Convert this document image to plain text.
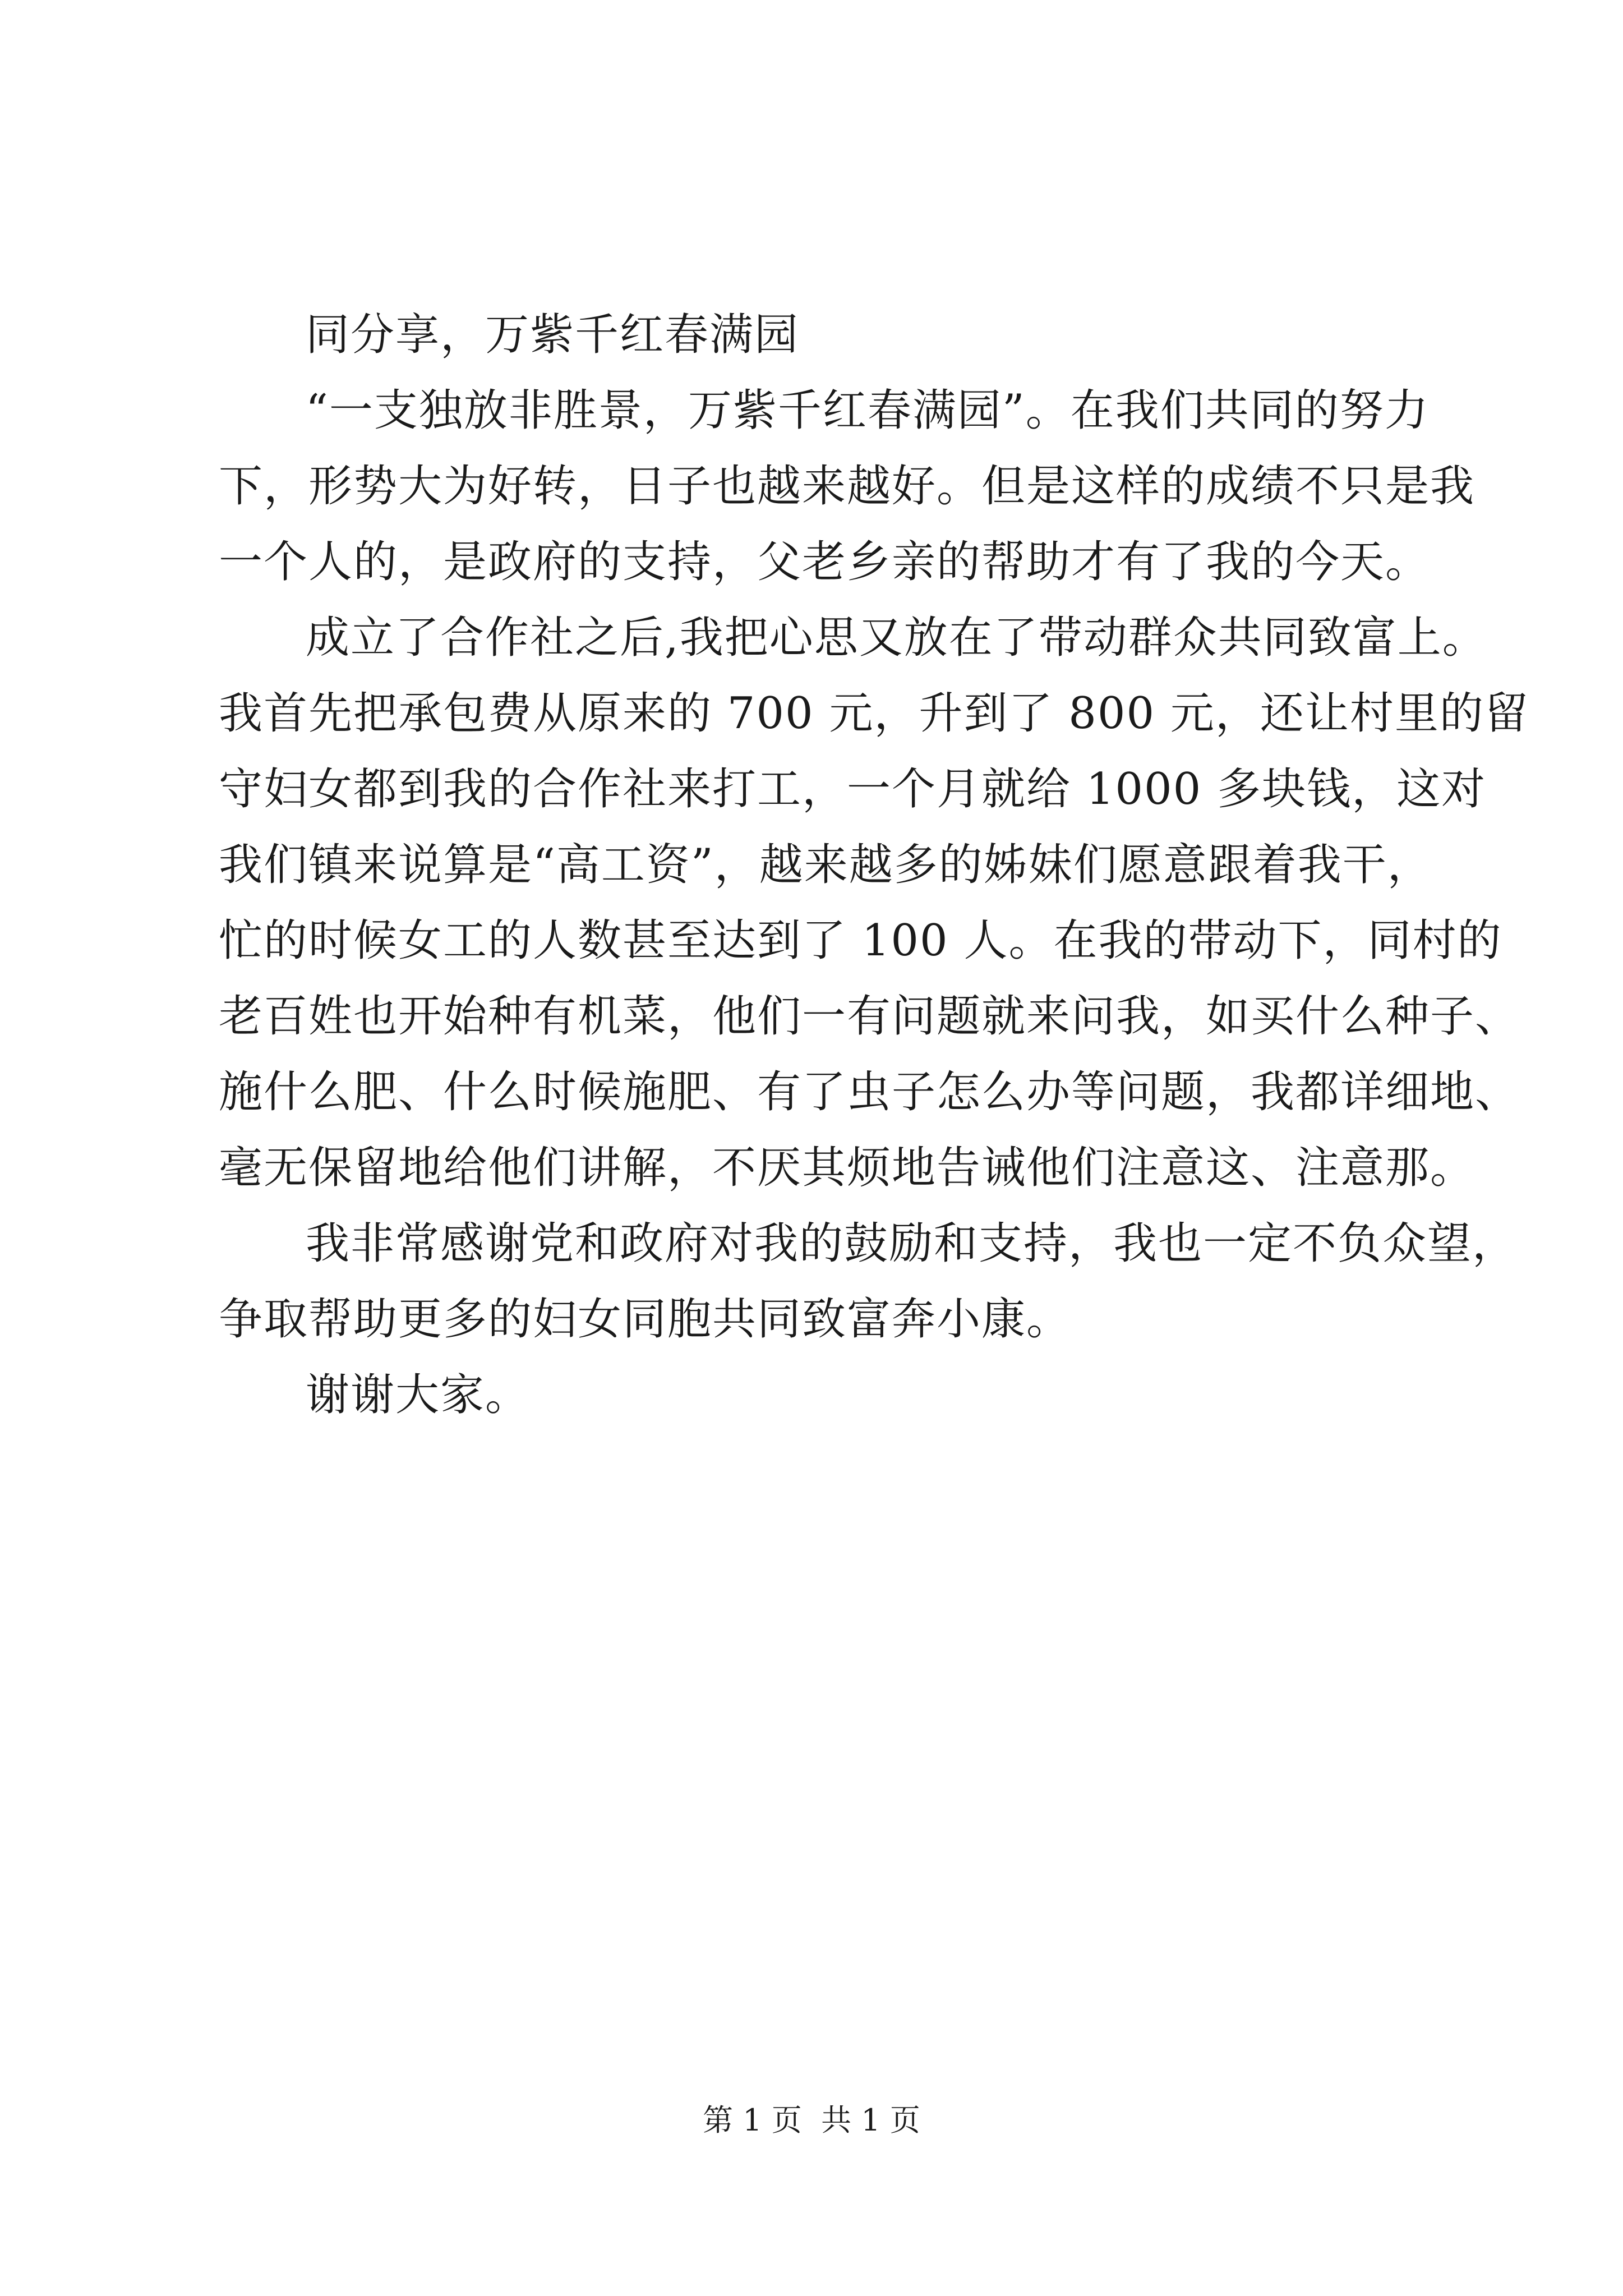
同分享，万紫千红春满园
“一支独放非胜景，万紫千红春满园”。在我们共同的努力
下，形势大为好转，日子也越来越好。但是这样的成绩不只是我
一个人的，是政府的支持，父老乡亲的帮助才有了我的今天。
成立了合作社之后,我把心思又放在了带动群众共同致富上。
我首先把承包费从原来的 700 元，升到了 800 元，还让村里的留
守妇女都到我的合作社来打工，一个月就给 1000 多块钱，这对
我们镇来说算是“高工资”，越来越多的姊妹们愿意跟着我干，
忙的时候女工的人数甚至达到了 100 人。在我的带动下，同村的
老百姓也开始种有机菜，他们一有问题就来问我，如买什么种子、
施什么肥、什么时候施肥、有了虫子怎么办等问题，我都详细地、
毫无保留地给他们讲解，不厌其烦地告诫他们注意这、注意那。
我非常感谢党和政府对我的鼓励和支持，我也一定不负众望，
争取帮助更多的妇女同胞共同致富奔小康。
谢谢大家。
第 1 页  共 1 页
